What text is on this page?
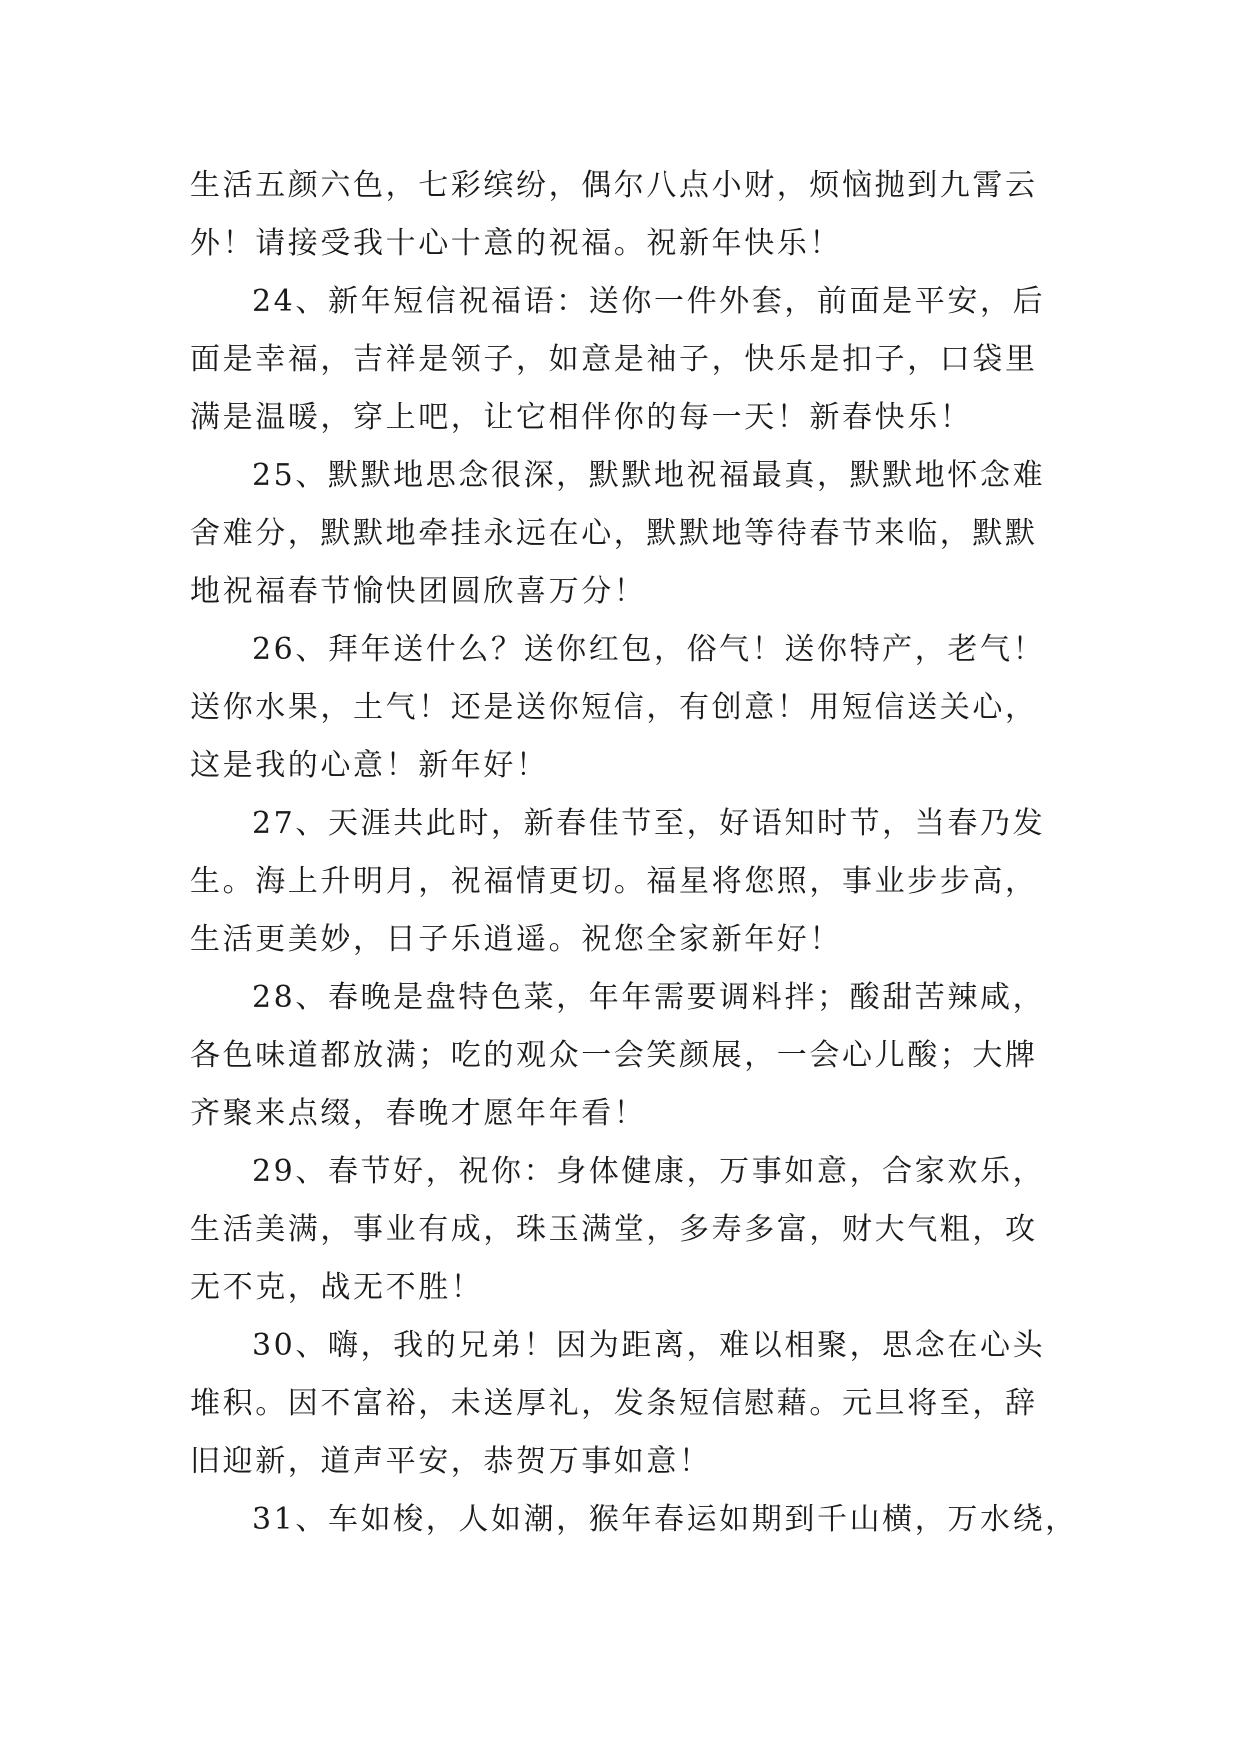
生活五颜六色，七彩缤纷，偶尔八点小财，烦恼抛到九霄云
外！请接受我十心十意的祝福。祝新年快乐！
24、新年短信祝福语：送你一件外套，前面是平安，后
面是幸福，吉祥是领子，如意是袖子，快乐是扣子，口袋里
满是温暖，穿上吧，让它相伴你的每一天！新春快乐！
25、默默地思念很深，默默地祝福最真，默默地怀念难
舍难分，默默地牵挂永远在心，默默地等待春节来临，默默
地祝福春节愉快团圆欣喜万分！
26、拜年送什么？送你红包，俗气！送你特产，老气！
送你水果，土气！还是送你短信，有创意！用短信送关心，
这是我的心意！新年好！
27、天涯共此时，新春佳节至，好语知时节，当春乃发
生。海上升明月，祝福情更切。福星将您照，事业步步高，
生活更美妙，日子乐逍遥。祝您全家新年好！
28、春晚是盘特色菜，年年需要调料拌；酸甜苦辣咸，
各色味道都放满；吃的观众一会笑颜展，一会心儿酸；大牌
齐聚来点缀，春晚才愿年年看！
29、春节好，祝你：身体健康，万事如意，合家欢乐，
生活美满，事业有成，珠玉满堂，多寿多富，财大气粗，攻
无不克，战无不胜！
30、嗨，我的兄弟！因为距离，难以相聚，思念在心头
堆积。因不富裕，未送厚礼，发条短信慰藉。元旦将至，辞
旧迎新，道声平安，恭贺万事如意！
31、车如梭，人如潮，猴年春运如期到千山横，万水绕，
